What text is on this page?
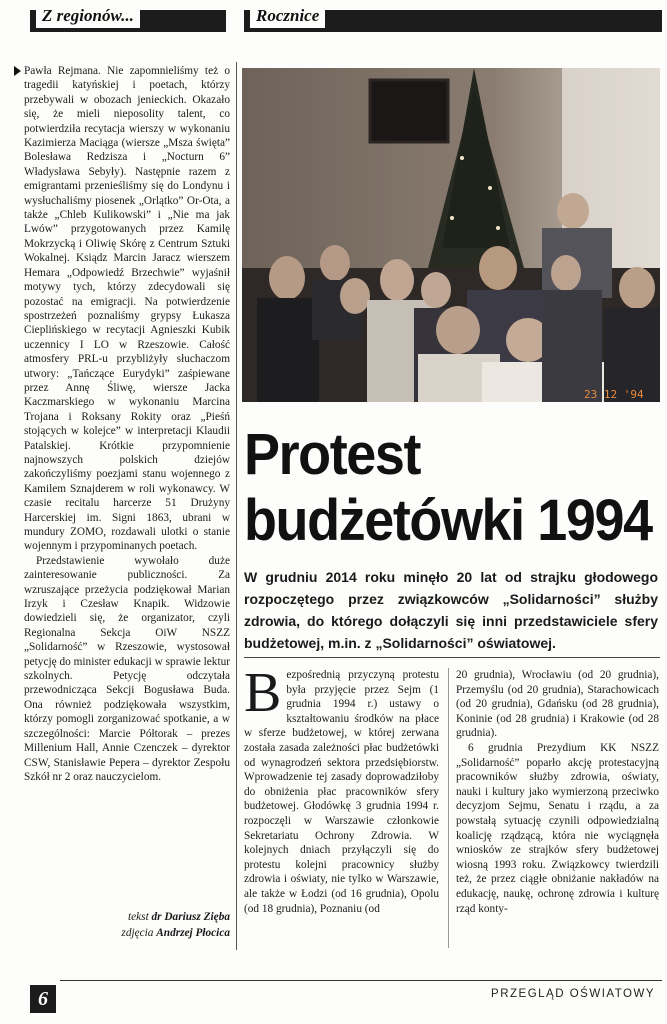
Z regionów...	Rocznice

Pawła Rejmana. Nie zapomnieliśmy też o tragedii katyńskiej i poetach, którzy przebywali w obozach jenieckich. Okazało się, że mieli nieposolity talent, co potwierdziła recytacja wierszy w wykonaniu Kazimierza Maciąga (wiersze „Msza święta” Bolesława Redzisza i „Nocturn 6” Władysława Sebyły). Następnie razem z emigrantami przenieśliśmy się do Londynu i wysłuchaliśmy piosenek „Orlątko” Or-Ota, a także „Chleb Kulikowski” i „Nie ma jak Lwów” przygotowanych przez Kamilę Mokrzycką i Oliwię Skórę z Centrum Sztuki Wokalnej. Ksiądz Marcin Jaracz wierszem Hemara „Odpowiedź Brzechwie” wyjaśnił motywy tych, którzy zdecydowali się pozostać na emigracji. Na potwierdzenie spostrzeżeń poznaliśmy grypsy Łukasza Cieplińskiego w recytacji Agnieszki Kubik uczennicy I LO w Rzeszowie. Całość atmosfery PRL-u przybliżyły słuchaczom utwory: „Tańczące Eurydyki” zaśpiewane przez Annę Śliwę, wiersze Jacka Kaczmarskiego w wykonaniu Marcina Trojana i Roksany Rokity oraz „Pieśń stojących w kolejce” w interpretacji Klaudii Patalskiej. Krótkie przypomnienie najnowszych polskich dziejów zakończyliśmy poezjami stanu wojennego z Kamilem Sznajderem w roli wykonawcy. W czasie recitalu harcerze 51 Drużyny Harcerskiej im. Signi 1863, ubrani w mundury ZOMO, rozdawali ulotki o stanie wojennym i przypominanych poetach.

Przedstawienie wywołało duże zainteresowanie publiczności. Za wzruszające przeżycia podziękował Marian Irzyk i Czesław Knapik. Widzowie dowiedzieli się, że organizator, czyli Regionalna Sekcja OiW NSZZ „Solidarność” w Rzeszowie, wystosował petycję do minister edukacji w sprawie lektur szkolnych. Petycję odczytała przewodnicząca Sekcji Bogusława Buda. Ona również podziękowała wszystkim, którzy pomogli zorganizować spotkanie, a w szczególności: Marcie Półtorak – prezes Millenium Hall, Annie Czenczek – dyrektor CSW, Stanisławie Pepera – dyrektor Zespołu Szkół nr 2 oraz nauczycielom.

tekst dr Dariusz Zięba
zdjęcia Andrzej Płocica
23 12 '94
Protest
budżetówki 1994
W grudniu 2014 roku minęło 20 lat od strajku głodowego rozpoczętego przez związkowców „Solidarności” służby zdrowia, do którego dołączyli się inni przedstawiciele sfery budżetowej, m.in. z „Solidarności” oświatowej.

Bezpośrednią przyczyną protestu była przyjęcie przez Sejm (1 grudnia 1994 r.) ustawy o kształtowaniu środków na płace w sferze budżetowej, w której zerwana została zasada zależności płac budżetówki od wynagrodzeń sektora przedsiębiorstw. Wprowadzenie tej zasady doprowadziłoby do obniżenia płac pracowników sfery budżetowej. Głodówkę 3 grudnia 1994 r. rozpoczęli w Warszawie członkowie Sekretariatu Ochrony Zdrowia. W kolejnych dniach przyłączyli się do protestu kolejni pracownicy służby zdrowia i oświaty, nie tylko w Warszawie, ale także w Łodzi (od 16 grudnia), Opolu (od 18 grudnia), Poznaniu (od

20 grudnia), Wrocławiu (od 20 grudnia), Przemyślu (od 20 grudnia), Starachowicach (od 20 grudnia), Gdańsku (od 28 grudnia), Koninie (od 28 grudnia) i Krakowie (od 28 grudnia).

6 grudnia Prezydium KK NSZZ „Solidarność” poparło akcję protestacyjną pracowników służby zdrowia, oświaty, nauki i kultury jako wymierzoną przeciwko decyzjom Sejmu, Senatu i rządu, a za powstałą sytuację czynili odpowiedzialną koalicję rządzącą, która nie wyciągnęła wniosków ze strajków sfery budżetowej wiosną 1993 roku. Związkowcy twierdzili też, że przez ciągłe obniżanie nakładów na edukację, naukę, ochronę zdrowia i kulturę rząd konty-

6	PRZEGLĄD OŚWIATOWY
